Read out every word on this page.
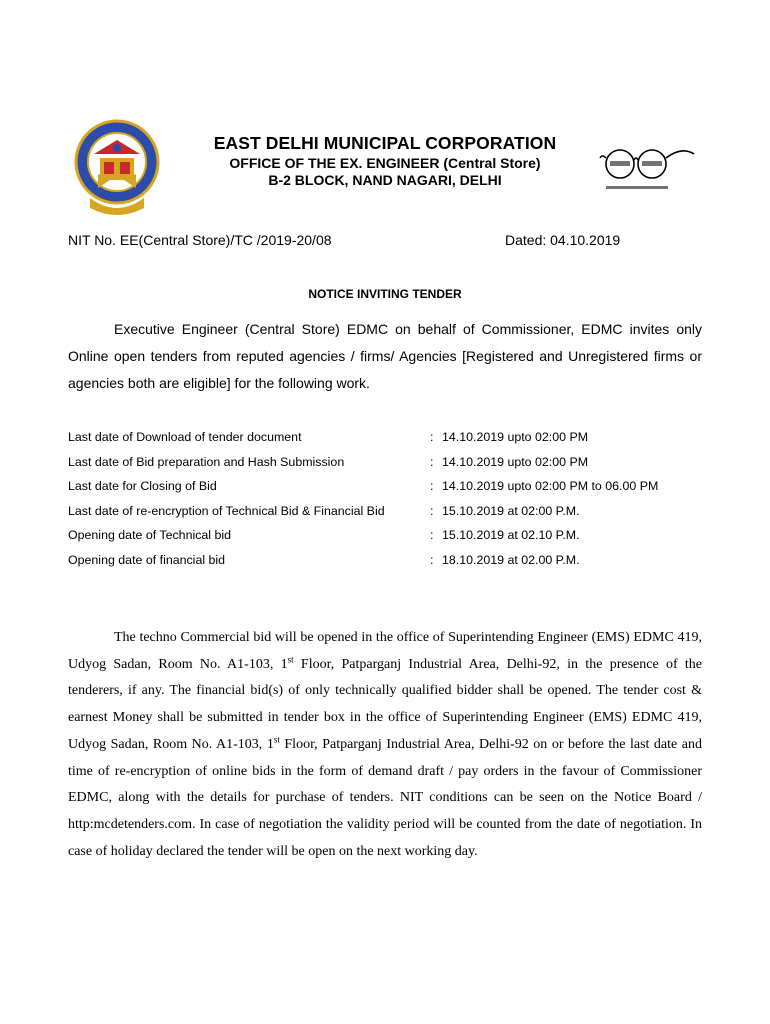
EAST DELHI MUNICIPAL CORPORATION

OFFICE OF THE EX. ENGINEER (Central Store)

B-2 BLOCK, NAND NAGARI, DELHI

NIT No. EE(Central Store)/TC /2019-20/08	Dated: 04.10.2019
NOTICE INVITING TENDER

Executive Engineer (Central Store) EDMC on behalf of Commissioner, EDMC invites only Online open tenders from reputed agencies / firms/ Agencies [Registered and Unregistered firms or agencies both are eligible] for the following work.

Last date of Download of tender document	: 14.10.2019 upto 02:00 PM
Last date of Bid preparation and Hash Submission	: 14.10.2019 upto 02:00 PM
Last date for Closing of Bid	: 14.10.2019 upto 02:00 PM to 06.00 PM
Last date of re-encryption of Technical Bid & Financial Bid	: 15.10.2019 at 02:00 P.M.
Opening date of Technical bid	: 15.10.2019 at 02.10 P.M.
Opening date of financial bid	: 18.10.2019 at 02.00 P.M.

The techno Commercial bid will be opened in the office of Superintending Engineer (EMS) EDMC 419, Udyog Sadan, Room No. A1-103, 1st Floor, Patparganj Industrial Area, Delhi-92, in the presence of the tenderers, if any. The financial bid(s) of only technically qualified bidder shall be opened. The tender cost & earnest Money shall be submitted in tender box in the office of Superintending Engineer (EMS) EDMC 419, Udyog Sadan, Room No. A1-103, 1st Floor, Patparganj Industrial Area, Delhi-92 on or before the last date and time of re-encryption of online bids in the form of demand draft / pay orders in the favour of Commissioner EDMC, along with the details for purchase of tenders. NIT conditions can be seen on the Notice Board / http:mcdetenders.com. In case of negotiation the validity period will be counted from the date of negotiation. In case of holiday declared the tender will be open on the next working day.
